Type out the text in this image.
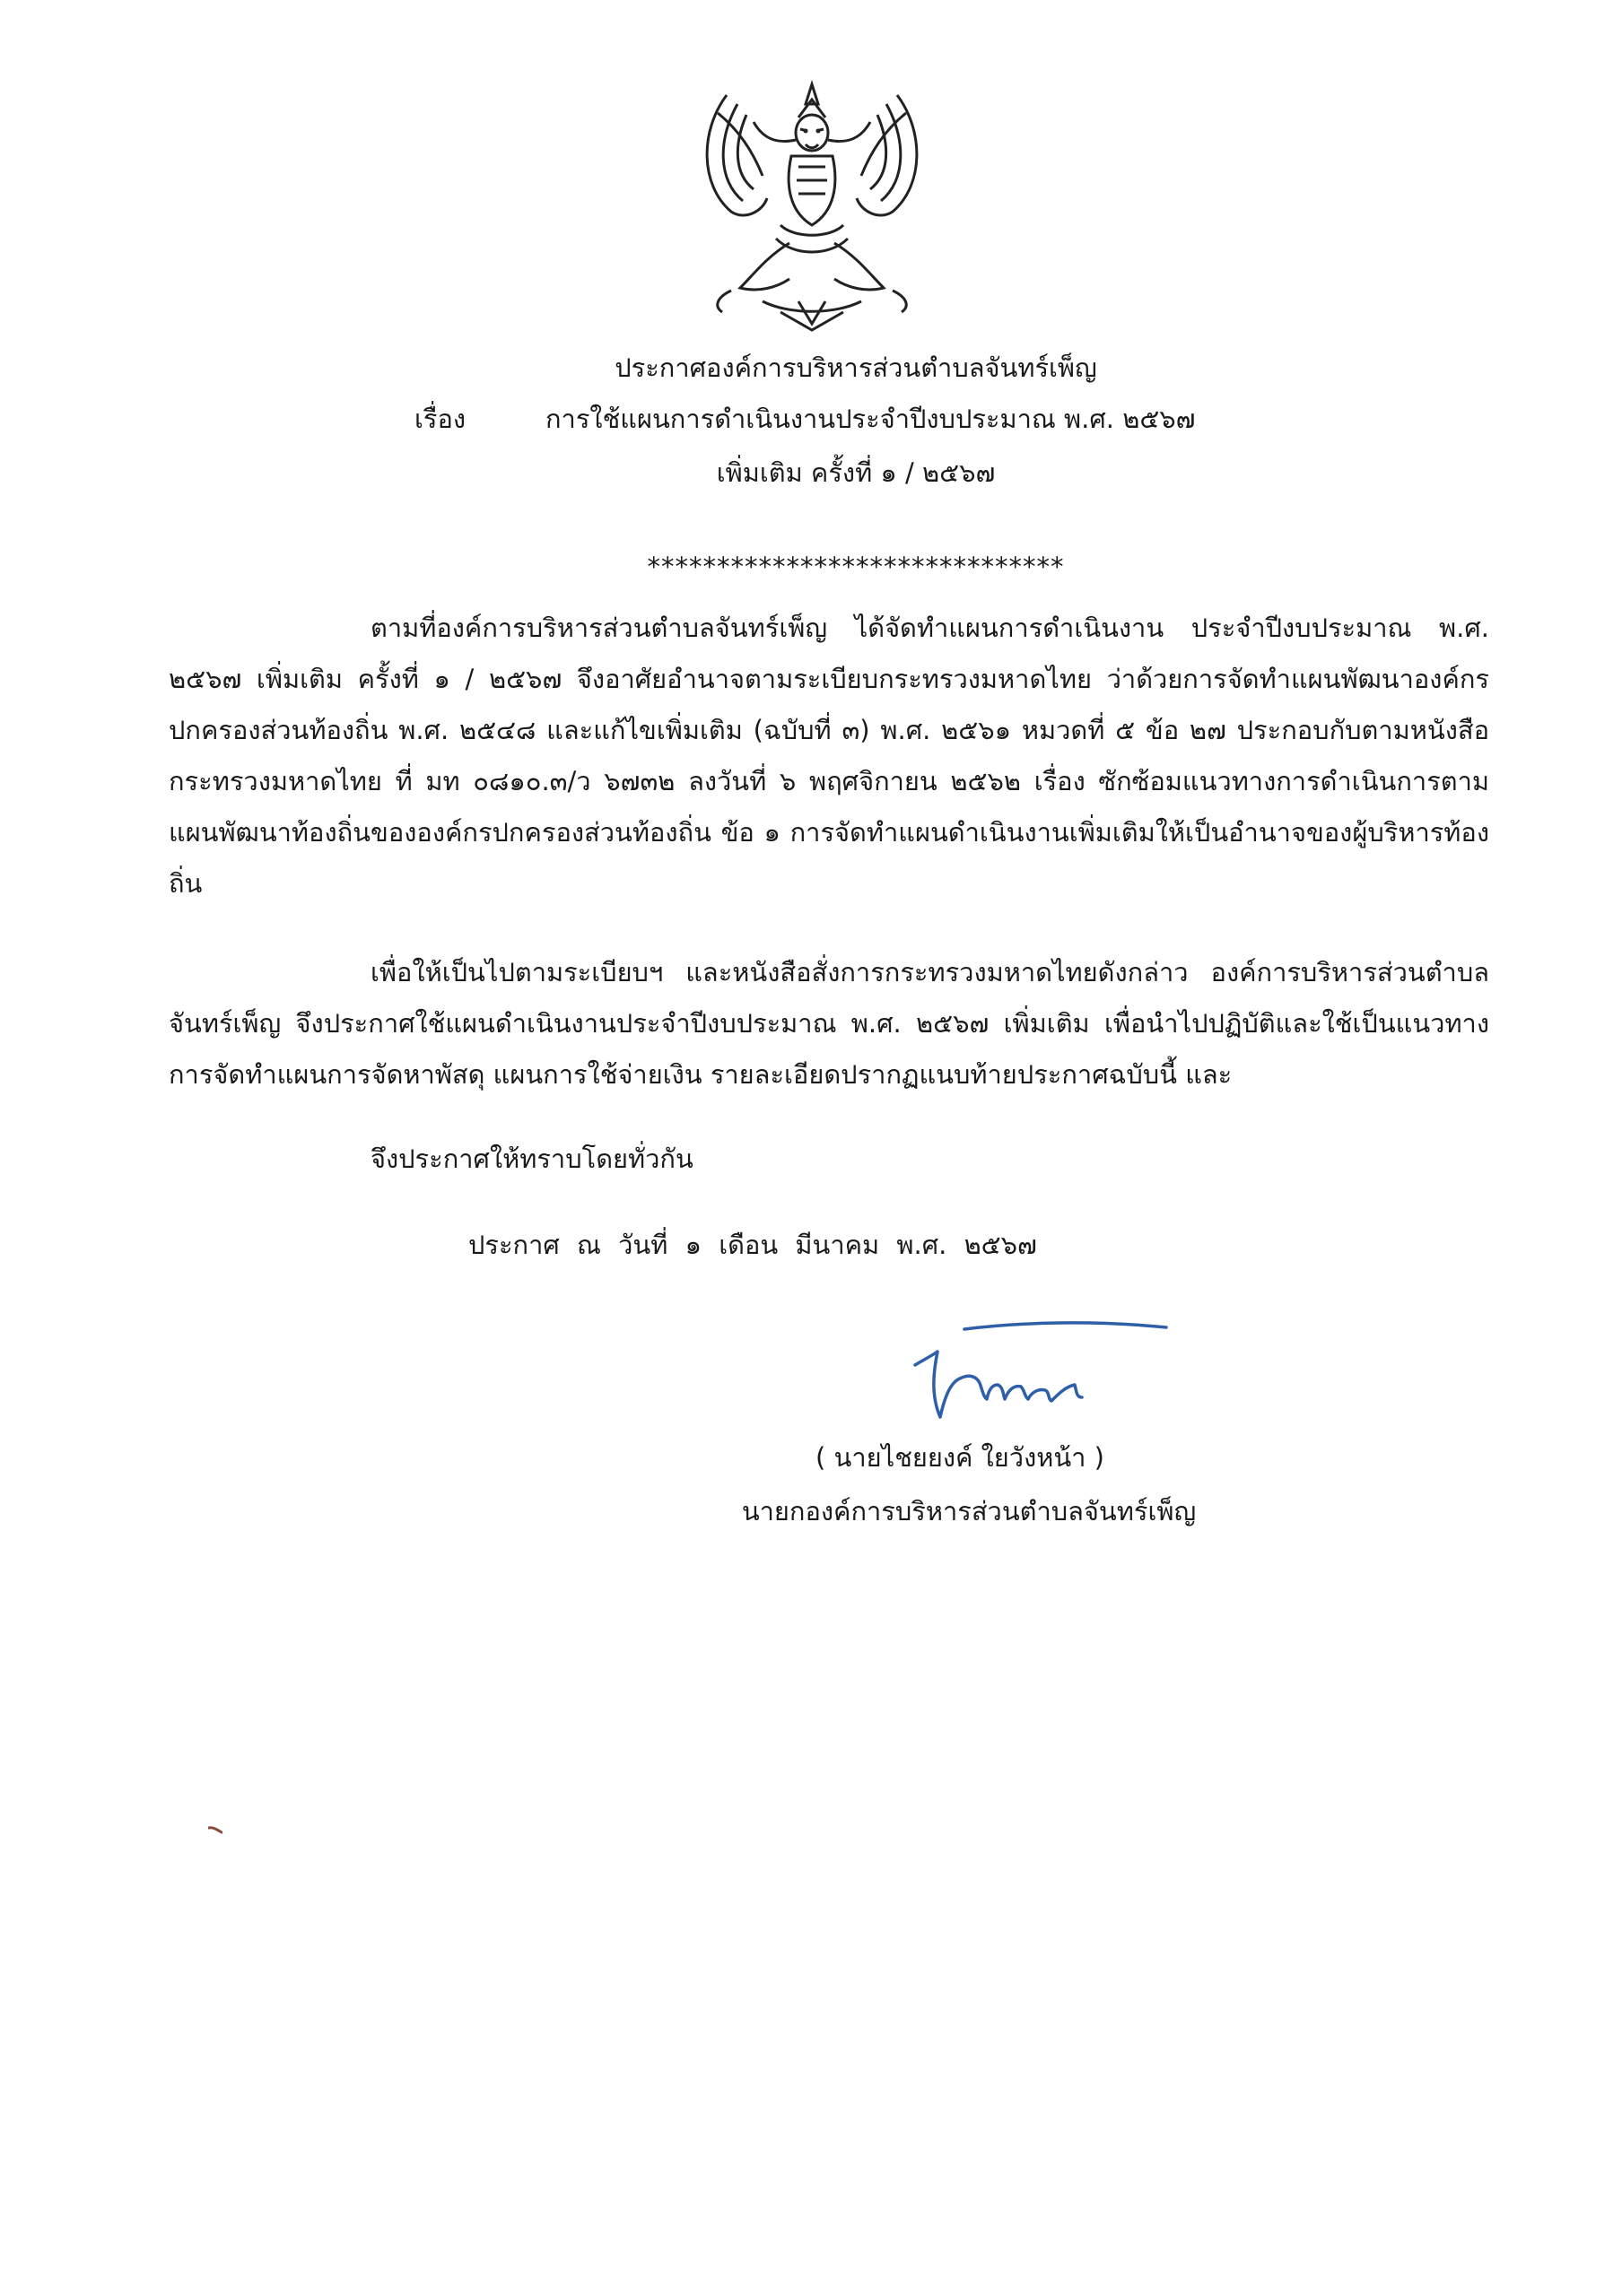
ประกาศองค์การบริหารส่วนตำบลจันทร์เพ็ญ
เรื่อง	การใช้แผนการดำเนินงานประจำปีงบประมาณ พ.ศ. ๒๕๖๗
เพิ่มเติม ครั้งที่ ๑ / ๒๕๖๗
******************************
ตามที่องค์การบริหารส่วนตำบลจันทร์เพ็ญ ได้จัดทำแผนการดำเนินงาน ประจำปีงบประมาณ พ.ศ. ๒๕๖๗ เพิ่มเติม ครั้งที่ ๑ / ๒๕๖๗ จึงอาศัยอำนาจตามระเบียบกระทรวงมหาดไทย ว่าด้วยการจัดทำแผนพัฒนาองค์กรปกครองส่วนท้องถิ่น พ.ศ. ๒๕๔๘ และแก้ไขเพิ่มเติม (ฉบับที่ ๓) พ.ศ. ๒๕๖๑ หมวดที่ ๕ ข้อ ๒๗ ประกอบกับตามหนังสือกระทรวงมหาดไทย ที่ มท ๐๘๑๐.๓/ว ๖๗๓๒ ลงวันที่ ๖ พฤศจิกายน ๒๕๖๒ เรื่อง ซักซ้อมแนวทางการดำเนินการตามแผนพัฒนาท้องถิ่นขององค์กรปกครองส่วนท้องถิ่น ข้อ ๑ การจัดทำแผนดำเนินงานเพิ่มเติมให้เป็นอำนาจของผู้บริหารท้องถิ่น
เพื่อให้เป็นไปตามระเบียบฯ และหนังสือสั่งการกระทรวงมหาดไทยดังกล่าว องค์การบริหารส่วนตำบลจันทร์เพ็ญ จึงประกาศใช้แผนดำเนินงานประจำปีงบประมาณ พ.ศ. ๒๕๖๗ เพิ่มเติม เพื่อนำไปปฏิบัติและใช้เป็นแนวทางการจัดทำแผนการจัดหาพัสดุ แผนการใช้จ่ายเงิน รายละเอียดปรากฏแนบท้ายประกาศฉบับนี้ และ
จึงประกาศให้ทราบโดยทั่วกัน
ประกาศ ณ วันที่ ๑ เดือน มีนาคม พ.ศ. ๒๕๖๗
( นายไชยยงค์ ใยวังหน้า )
นายกองค์การบริหารส่วนตำบลจันทร์เพ็ญ
